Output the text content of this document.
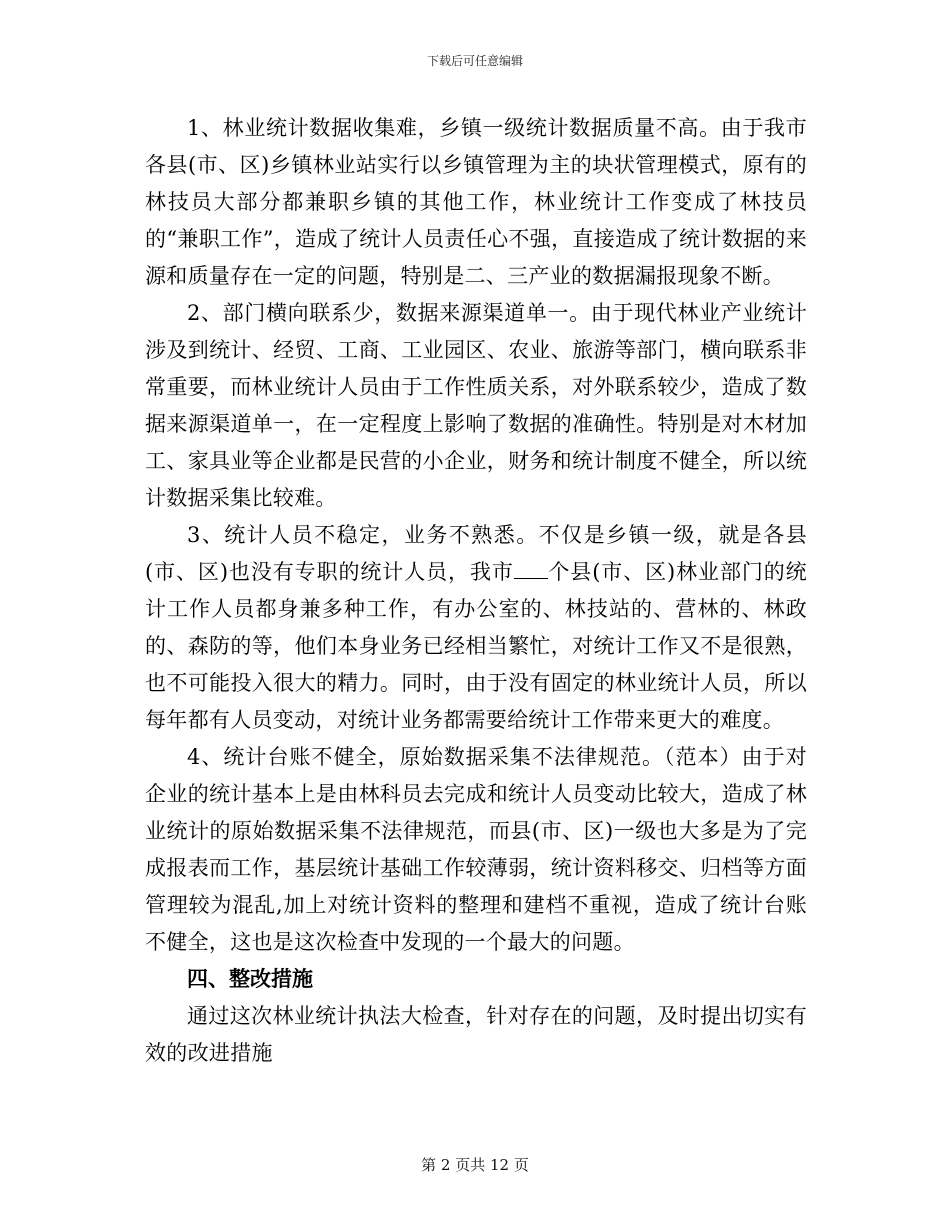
下载后可任意编辑

1、林业统计数据收集难，乡镇一级统计数据质量不高。由于我市各县(市、区)乡镇林业站实行以乡镇管理为主的块状管理模式，原有的林技员大部分都兼职乡镇的其他工作，林业统计工作变成了林技员的“兼职工作”，造成了统计人员责任心不强，直接造成了统计数据的来源和质量存在一定的问题，特别是二、三产业的数据漏报现象不断。

2、部门横向联系少，数据来源渠道单一。由于现代林业产业统计涉及到统计、经贸、工商、工业园区、农业、旅游等部门，横向联系非常重要，而林业统计人员由于工作性质关系，对外联系较少，造成了数据来源渠道单一，在一定程度上影响了数据的准确性。特别是对木材加工、家具业等企业都是民营的小企业，财务和统计制度不健全，所以统计数据采集比较难。

3、统计人员不稳定，业务不熟悉。不仅是乡镇一级，就是各县(市、区)也没有专职的统计人员，我市 个县(市、区)林业部门的统计工作人员都身兼多种工作，有办公室的、林技站的、营林的、林政的、森防的等，他们本身业务已经相当繁忙，对统计工作又不是很熟，也不可能投入很大的精力。同时，由于没有固定的林业统计人员，所以每年都有人员变动，对统计业务都需要给统计工作带来更大的难度。

4、统计台账不健全，原始数据采集不法律规范。（范本）由于对企业的统计基本上是由林科员去完成和统计人员变动比较大，造成了林业统计的原始数据采集不法律规范，而县(市、区)一级也大多是为了完成报表而工作，基层统计基础工作较薄弱，统计资料移交、归档等方面管理较为混乱,加上对统计资料的整理和建档不重视，造成了统计台账不健全，这也是这次检查中发现的一个最大的问题。

四、整改措施

通过这次林业统计执法大检查，针对存在的问题，及时提出切实有效的改进措施

第 2 页共 12 页
